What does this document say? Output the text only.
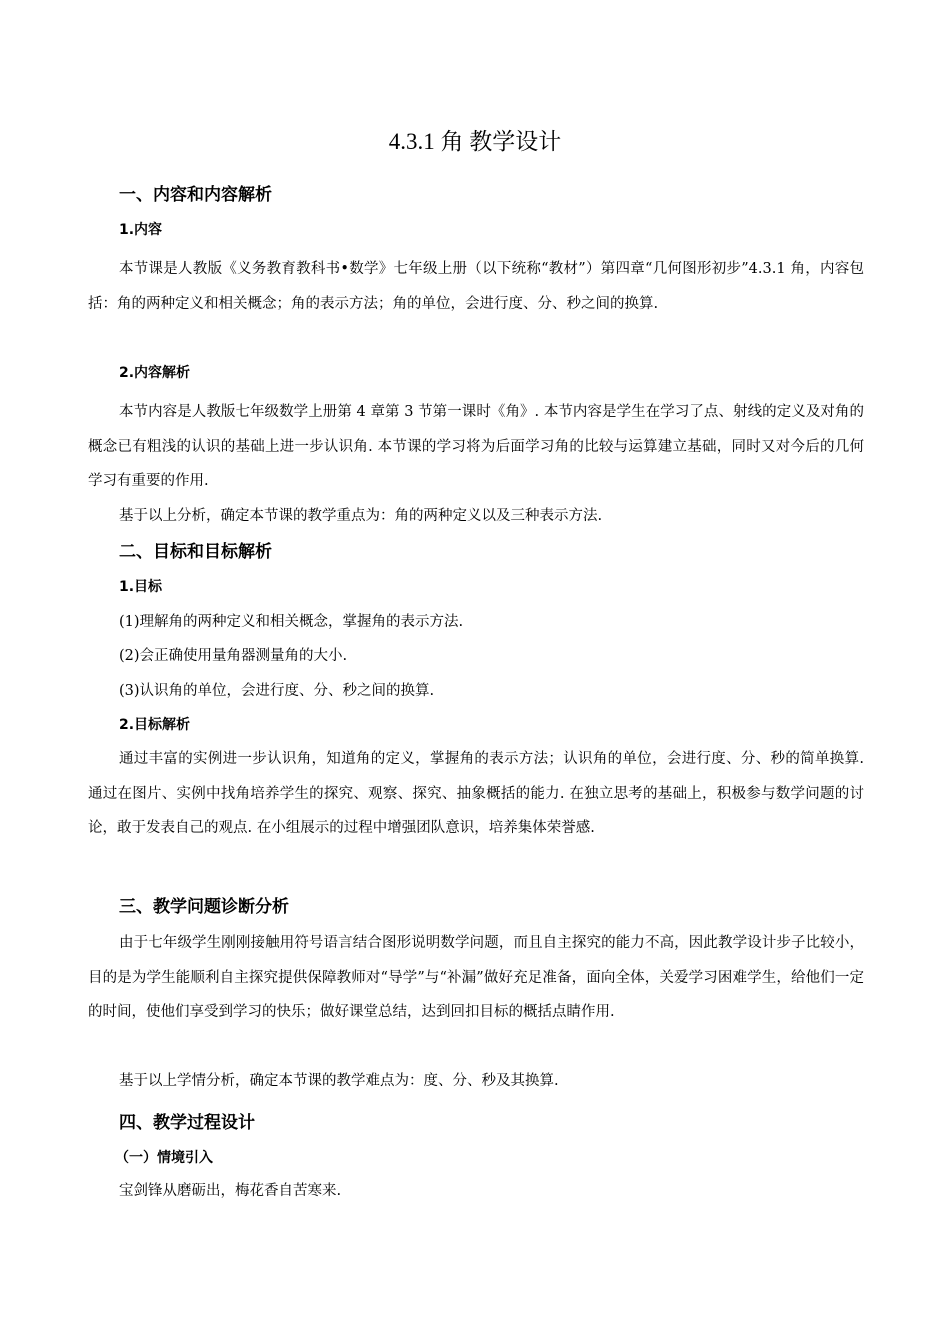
4.3.1 角 教学设计
一、内容和内容解析
1.内容

本节课是人教版《义务教育教科书•数学》七年级上册（以下统称“教材”）第四章“几何图形初步”4.3.1 角，内容包括：角的两种定义和相关概念；角的表示方法；角的单位，会进行度、分、秒之间的换算.

2.内容解析

本节内容是人教版七年级数学上册第 4 章第 3 节第一课时《角》. 本节内容是学生在学习了点、射线的定义及对角的概念已有粗浅的认识的基础上进一步认识角. 本节课的学习将为后面学习角的比较与运算建立基础，同时又对今后的几何学习有重要的作用.

基于以上分析，确定本节课的教学重点为：角的两种定义以及三种表示方法.

二、目标和目标解析
1.目标
(1)理解角的两种定义和相关概念，掌握角的表示方法.
(2)会正确使用量角器测量角的大小.
(3)认识角的单位，会进行度、分、秒之间的换算.
2.目标解析

通过丰富的实例进一步认识角，知道角的定义，掌握角的表示方法；认识角的单位，会进行度、分、秒的简单换算. 通过在图片、实例中找角培养学生的探究、观察、探究、抽象概括的能力. 在独立思考的基础上，积极参与数学问题的讨论，敢于发表自己的观点. 在小组展示的过程中增强团队意识，培养集体荣誉感.

三、教学问题诊断分析

由于七年级学生刚刚接触用符号语言结合图形说明数学问题，而且自主探究的能力不高，因此教学设计步子比较小，目的是为学生能顺利自主探究提供保障教师对“导学”与“补漏”做好充足准备，面向全体，关爱学习困难学生，给他们一定的时间，使他们享受到学习的快乐；做好课堂总结，达到回扣目标的概括点睛作用.

基于以上学情分析，确定本节课的教学难点为：度、分、秒及其换算.

四、教学过程设计
（一）情境引入

宝剑锋从磨砺出，梅花香自苦寒来.
